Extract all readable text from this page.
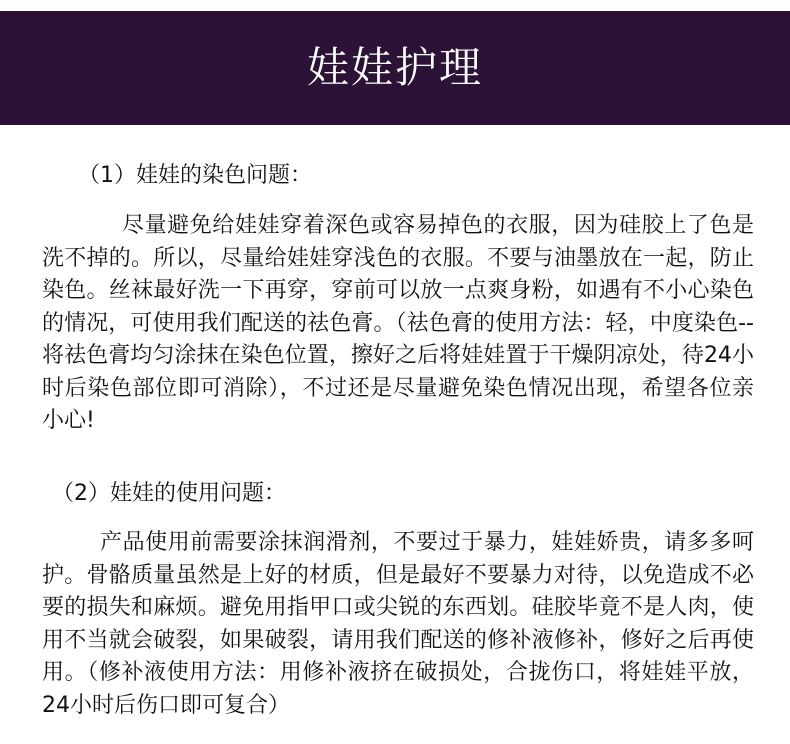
娃娃护理
（1）娃娃的染色问题：

尽量避免给娃娃穿着深色或容易掉色的衣服，因为硅胶上了色是洗不掉的。所以，尽量给娃娃穿浅色的衣服。不要与油墨放在一起，防止染色。丝袜最好洗一下再穿，穿前可以放一点爽身粉，如遇有不小心染色的情况，可使用我们配送的祛色膏。（祛色膏的使用方法：轻，中度染色--将祛色膏均匀涂抹在染色位置，擦好之后将娃娃置于干燥阴凉处，待24小时后染色部位即可消除），不过还是尽量避免染色情况出现，希望各位亲小心!

（2）娃娃的使用问题：

产品使用前需要涂抹润滑剂，不要过于暴力，娃娃娇贵，请多多呵护。骨骼质量虽然是上好的材质，但是最好不要暴力对待，以免造成不必要的损失和麻烦。避免用指甲口或尖锐的东西划。硅胶毕竟不是人肉，使用不当就会破裂，如果破裂，请用我们配送的修补液修补，修好之后再使用。（修补液使用方法：用修补液挤在破损处，合拢伤口，将娃娃平放，24小时后伤口即可复合）
